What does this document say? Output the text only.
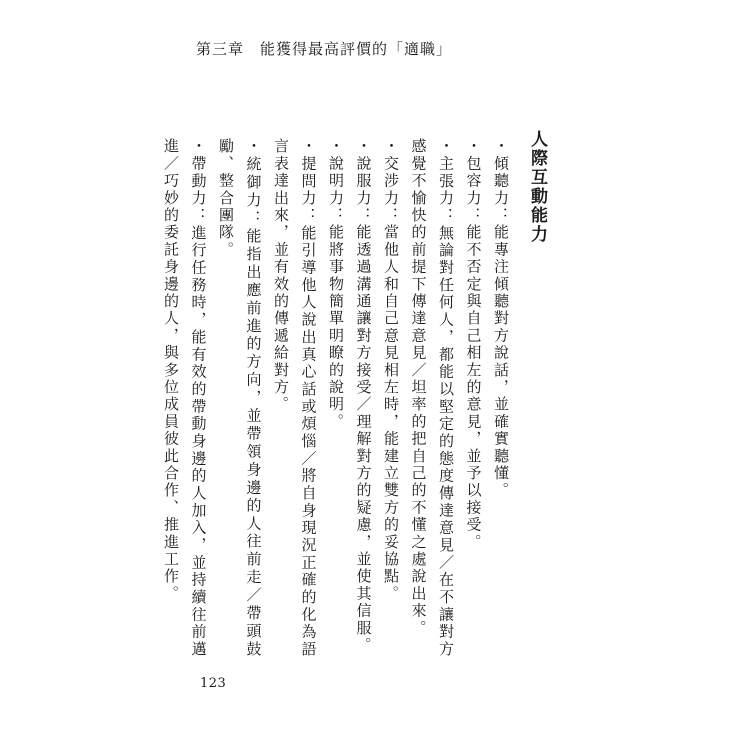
第三章　能獲得最高評價的「適職」
人際互動能力

・傾聽力：能專注傾聽對方說話，並確實聽懂。

・包容力：能不否定與自己相左的意見，並予以接受。

・主張力：無論對任何人，都能以堅定的態度傳達意見／在不讓對方感覺不愉快的前提下傳達意見／坦率的把自己的不懂之處說出來。

・交涉力：當他人和自己意見相左時，能建立雙方的妥協點。

・說服力：能透過溝通讓對方接受／理解對方的疑慮，並使其信服。

・說明力：能將事物簡單明瞭的說明。

・提問力：能引導他人說出真心話或煩惱／將自身現況正確的化為語言表達出來，並有效的傳遞給對方。

・統御力：能指出應前進的方向，並帶領身邊的人往前走／帶頭鼓勵、整合團隊。

・帶動力：進行任務時，能有效的帶動身邊的人加入，並持續往前邁進／巧妙的委託身邊的人，與多位成員彼此合作、推進工作。

123
